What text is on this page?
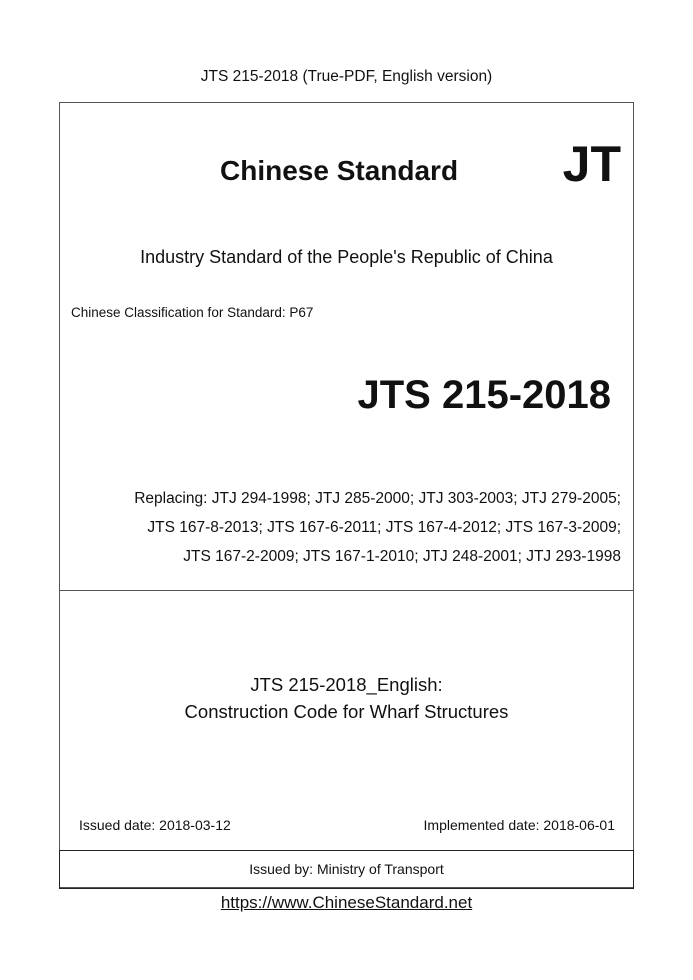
JTS 215-2018 (True-PDF, English version)
Chinese Standard JT
Industry Standard of the People's Republic of China
Chinese Classification for Standard: P67
JTS 215-2018
Replacing: JTJ 294-1998; JTJ 285-2000; JTJ 303-2003; JTJ 279-2005;
JTS 167-8-2013; JTS 167-6-2011; JTS 167-4-2012; JTS 167-3-2009;
JTS 167-2-2009; JTS 167-1-2010; JTJ 248-2001; JTJ 293-1998
JTS 215-2018_English:
Construction Code for Wharf Structures
Issued date: 2018-03-12	Implemented date: 2018-06-01
Issued by: Ministry of Transport
https://www.ChineseStandard.net
